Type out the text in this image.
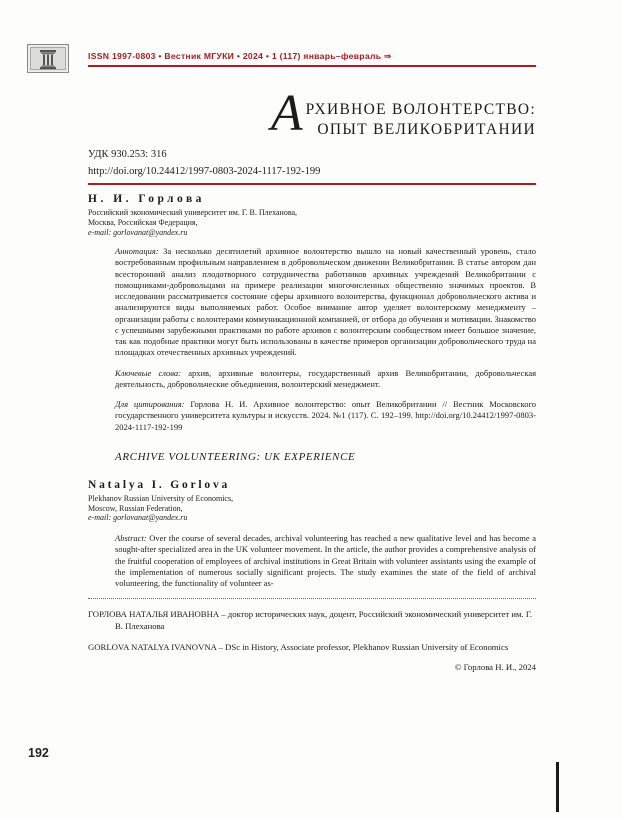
ISSN 1997-0803 • Вестник МГУКИ • 2024 • 1 (117) январь–февраль ⇒
А РХИВНОЕ ВОЛОНТЕРСТВО:
ОПЫТ ВЕЛИКОБРИТАНИИ
УДК 930.253: 316
http://doi.org/10.24412/1997-0803-2024-1117-192-199
Н. И. Горлова
Российский экономический университет им. Г. В. Плеханова,
Москва, Российская Федерация,
e-mail: gorlovanat@yandex.ru

Аннотация: За несколько десятилетий архивное волонтерство вышло на новый качественный уровень, стало востребованным профильным направлением в добровольческом движении Великобритании. В статье автором дан всесторонний анализ плодотворного сотрудничества работников архивных учреждений Великобритании с помощниками-добровольцами на примере реализации многочисленных общественно значимых проектов. В исследовании рассматривается состояние сферы архивного волонтерства, функционал добровольческого актива и анализируются виды выполняемых работ. Особое внимание автор уделяет волонтерскому менеджменту – организации работы с волонтерами коммуникационной компанией, от отбора до обучения и мотивации. Знакомство с успешными зарубежными практиками по работе архивов с волонтерским сообществом имеет большое значение, так как подобные практики могут быть использованы в качестве примеров организации добровольческого труда на площадках отечественных архивных учреждений.

Ключевые слова: архив, архивные волонтеры, государственный архив Великобритании, добровольческая деятельность, добровольческие объединения, волонтерский менеджмент.

Для цитирования: Горлова Н. И. Архивное волонтерство: опыт Великобритании // Вестник Московского государственного университета культуры и искусств. 2024. №1 (117). С. 192–199. http://doi.org/10.24412/1997-0803-2024-1117-192-199

ARCHIVE VOLUNTEERING: UK EXPERIENCE
Natalya I. Gorlova
Plekhanov Russian University of Economics,
Moscow, Russian Federation,
e-mail: gorlovanat@yandex.ru

Abstract: Over the course of several decades, archival volunteering has reached a new qualitative level and has become a sought-after specialized area in the UK volunteer movement. In the article, the author provides a comprehensive analysis of the fruitful cooperation of employees of archival institutions in Great Britain with volunteer assistants using the example of the implementation of numerous socially significant projects. The study examines the state of the field of archival volunteering, the functionality of volunteer as-

ГОРЛОВА НАТАЛЬЯ ИВАНОВНА – доктор исторических наук, доцент, Российский экономический университет им. Г. В. Плеханова
GORLOVA NATALYA IVANOVNA – DSc in History, Associate professor, Plekhanov Russian University of Economics
© Горлова Н. И., 2024
192
